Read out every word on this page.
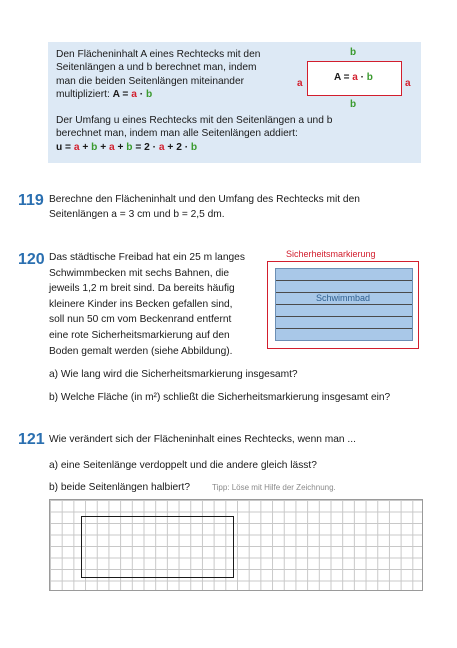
Den Flächeninhalt A eines Rechtecks mit den
Seitenlängen a und b berechnet man, indem
man die beiden Seitenlängen miteinander
multipliziert: A = a · b
Der Umfang u eines Rechtecks mit den Seitenlängen a und b
berechnet man, indem man alle Seitenlängen addiert:
u = a + b + a + b = 2 · a + 2 · b
b
b
a	a
A = a · b
119 Berechne den Flächeninhalt und den Umfang des Rechtecks mit den
Seitenlängen a = 3 cm und b = 2,5 dm.
120 Das städtische Freibad hat ein 25 m langes
Schwimmbecken mit sechs Bahnen, die
jeweils 1,2 m breit sind. Da bereits häufig
kleinere Kinder ins Becken gefallen sind,
soll nun 50 cm vom Beckenrand entfernt
eine rote Sicherheitsmarkierung auf den
Boden gemalt werden (siehe Abbildung).
Sicherheitsmarkierung
Schwimmbad
a) Wie lang wird die Sicherheitsmarkierung insgesamt?
b) Welche Fläche (in m²) schließt die Sicherheitsmarkierung insgesamt ein?
121 Wie verändert sich der Flächeninhalt eines Rechtecks, wenn man ...
a) eine Seitenlänge verdoppelt und die andere gleich lässt?
b) beide Seitenlängen halbiert?	Tipp: Löse mit Hilfe der Zeichnung.
